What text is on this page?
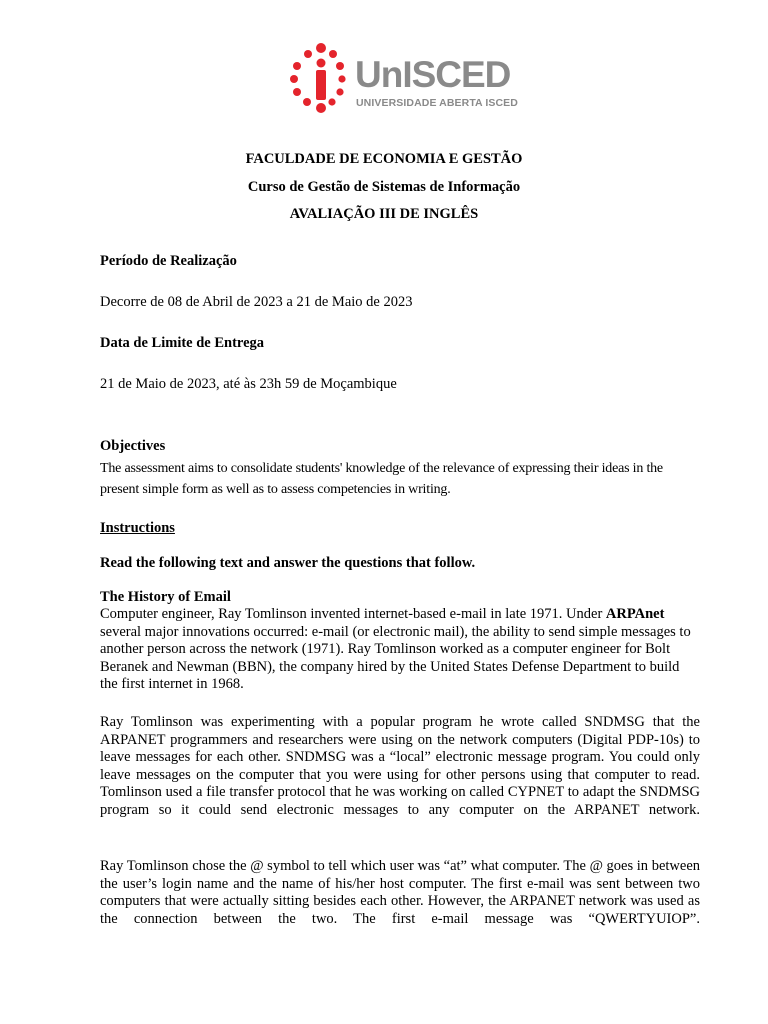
UnISCED
UNIVERSIDADE ABERTA ISCED
FACULDADE DE ECONOMIA E GESTÃO
Curso de Gestão de Sistemas de Informação
AVALIAÇÃO III DE INGLÊS
Período de Realização
Decorre de 08 de Abril de 2023 a 21 de Maio de 2023
Data de Limite de Entrega
21 de Maio de 2023, até às 23h 59 de Moçambique
Objectives

The assessment aims to consolidate students' knowledge of the relevance of expressing their ideas in the present simple form as well as to assess competencies in writing.

Instructions
Read the following text and answer the questions that follow.
The History of Email

Computer engineer, Ray Tomlinson invented internet-based e-mail in late 1971. Under ARPAnet several major innovations occurred: e-mail (or electronic mail), the ability to send simple messages to another person across the network (1971). Ray Tomlinson worked as a computer engineer for Bolt Beranek and Newman (BBN), the company hired by the United States Defense Department to build the first internet in 1968.

Ray Tomlinson was experimenting with a popular program he wrote called SNDMSG that the ARPANET programmers and researchers were using on the network computers (Digital PDP-10s) to leave messages for each other. SNDMSG was a “local” electronic message program. You could only leave messages on the computer that you were using for other persons using that computer to read. Tomlinson used a file transfer protocol that he was working on called CYPNET to adapt the SNDMSG program so it could send electronic messages to any computer on the ARPANET network.

Ray Tomlinson chose the @ symbol to tell which user was “at” what computer. The @ goes in between the user’s login name and the name of his/her host computer. The first e-mail was sent between two computers that were actually sitting besides each other. However, the ARPANET network was used as the connection between the two. The first e-mail message was “QWERTYUIOP”.
